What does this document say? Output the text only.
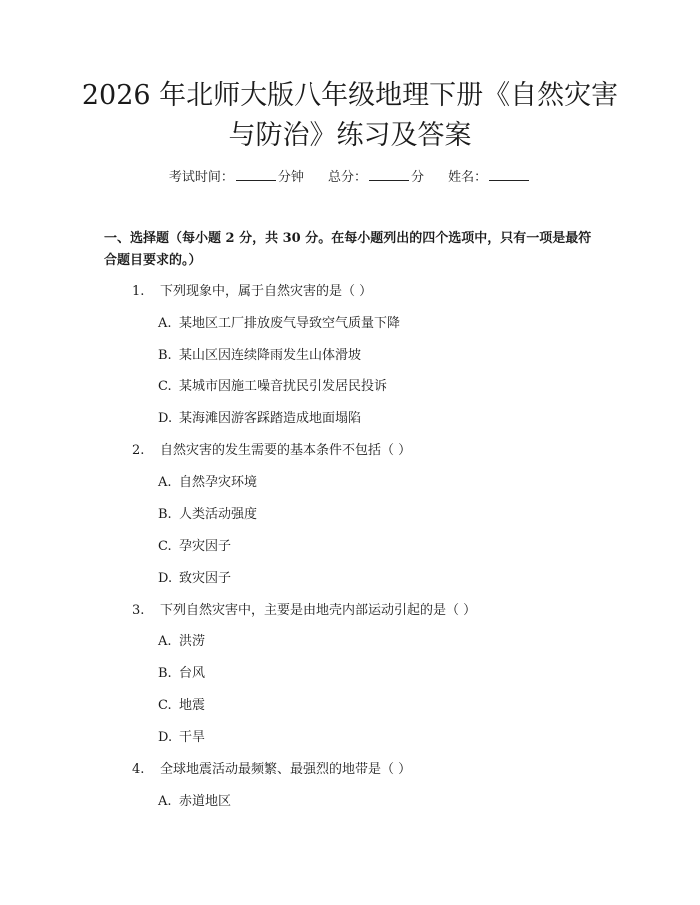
2026 年北师大版八年级地理下册《自然灾害
与防治》练习及答案
考试时间：	分钟 总分：	分 姓名：

一、选择题（每小题 2 分，共 30 分。在每小题列出的四个选项中，只有一项是最符合题目要求的。）

1. 下列现象中，属于自然灾害的是（ ）
A. 某地区工厂排放废气导致空气质量下降
B. 某山区因连续降雨发生山体滑坡
C. 某城市因施工噪音扰民引发居民投诉
D. 某海滩因游客踩踏造成地面塌陷
2. 自然灾害的发生需要的基本条件不包括（ ）
A. 自然孕灾环境
B. 人类活动强度
C. 孕灾因子
D. 致灾因子
3. 下列自然灾害中，主要是由地壳内部运动引起的是（ ）
A. 洪涝
B. 台风
C. 地震
D. 干旱
4. 全球地震活动最频繁、最强烈的地带是（ ）
A. 赤道地区
